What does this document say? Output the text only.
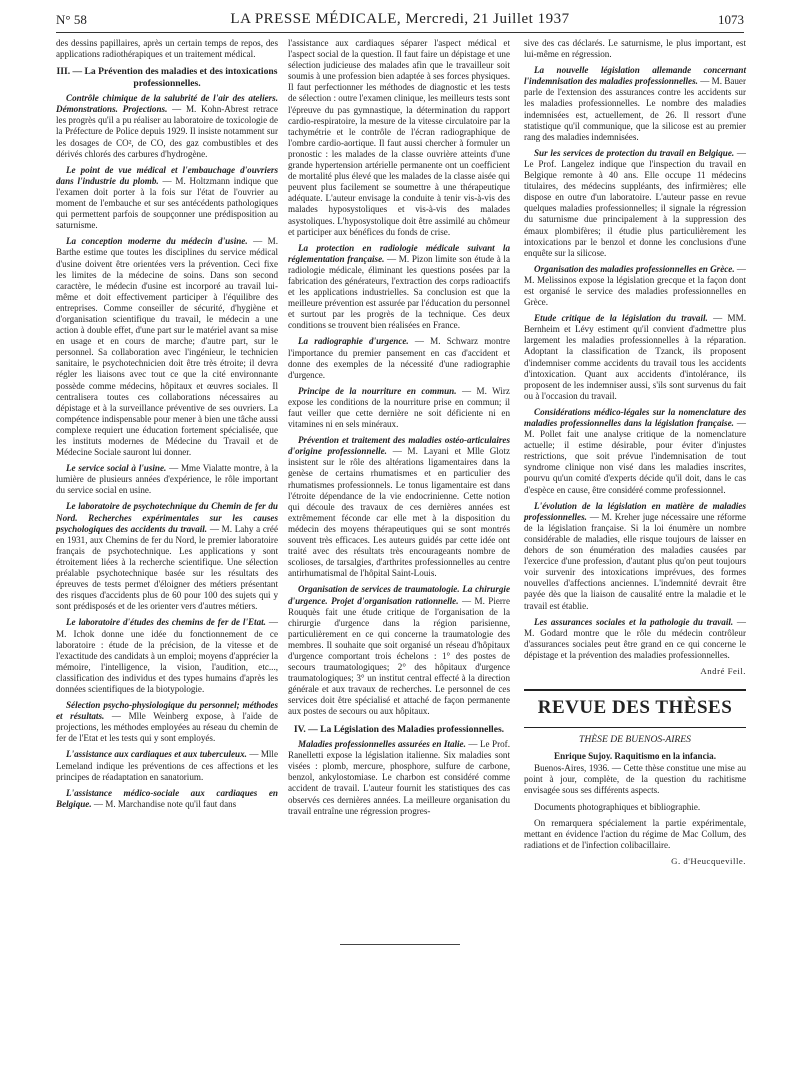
N° 58	LA PRESSE MÉDICALE, Mercredi, 21 Juillet 1937	1073

des dessins papillaires, après un certain temps de repos, des applications radiothérapiques et un traitement médical.

III. — La Prévention des maladies et des intoxications professionnelles.

Contrôle chimique de la salubrité de l'air des ateliers. Démonstrations. Projections. — M. Kohn-Abrest retrace les progrès qu'il a pu réaliser au laboratoire de toxicologie de la Préfecture de Police depuis 1929. Il insiste notamment sur les dosages de CO², de CO, des gaz combustibles et des dérivés chlorés des carbures d'hydrogène.

Le point de vue médical et l'embauchage d'ouvriers dans l'industrie du plomb. — M. Holtzmann indique que l'examen doit porter à la fois sur l'état de l'ouvrier au moment de l'embauche et sur ses antécédents pathologiques qui permettent parfois de soupçonner une prédisposition au saturnisme.

La conception moderne du médecin d'usine. — M. Barthe estime que toutes les disciplines du service médical d'usine doivent être orientées vers la prévention. Ceci fixe les limites de la médecine de soins. Dans son second caractère, le médecin d'usine est incorporé au travail lui-même et doit effectivement participer à l'équilibre des entreprises. Comme conseiller de sécurité, d'hygiène et d'organisation scientifique du travail, le médecin a une action à double effet, d'une part sur le matériel avant sa mise en usage et en cours de marche; d'autre part, sur le personnel. Sa collaboration avec l'ingénieur, le technicien sanitaire, le psychotechnicien doit être très étroite; il devra régler les liaisons avec tout ce que la cité environnante possède comme médecins, hôpitaux et œuvres sociales. Il centralisera toutes ces collaborations nécessaires au dépistage et à la surveillance préventive de ses ouvriers. La compétence indispensable pour mener à bien une tâche aussi complexe requiert une éducation fortement spécialisée, que les instituts modernes de Médecine du Travail et de Médecine Sociale sauront lui donner.

Le service social à l'usine. — Mme Vialatte montre, à la lumière de plusieurs années d'expérience, le rôle important du service social en usine.

Le laboratoire de psychotechnique du Chemin de fer du Nord. Recherches expérimentales sur les causes psychologiques des accidents du travail. — M. Lahy a créé en 1931, aux Chemins de fer du Nord, le premier laboratoire français de psychotechnique. Les applications y sont étroitement liées à la recherche scientifique. Une sélection préalable psychotechnique basée sur les résultats des épreuves de tests permet d'éloigner des métiers présentant des risques d'accidents plus de 60 pour 100 des sujets qui y sont prédisposés et de les orienter vers d'autres métiers.

Le laboratoire d'études des chemins de fer de l'Etat. — M. Ichok donne une idée du fonctionnement de ce laboratoire : étude de la précision, de la vitesse et de l'exactitude des candidats à un emploi; moyens d'apprécier la mémoire, l'intelligence, la vision, l'audition, etc..., classification des individus et des types humains d'après les données scientifiques de la biotypologie.

Sélection psycho-physiologique du personnel; méthodes et résultats. — Mlle Weinberg expose, à l'aide de projections, les méthodes employées au réseau du chemin de fer de l'Etat et les tests qui y sont employés.

L'assistance aux cardiaques et aux tuberculeux. — Mlle Lemeland indique les préventions de ces affections et les principes de réadaptation en sanatorium.

L'assistance médico-sociale aux cardiaques en Belgique. — M. Marchandise note qu'il faut dans

l'assistance aux cardiaques séparer l'aspect médical et l'aspect social de la question. Il faut faire un dépistage et une sélection judicieuse des malades afin que le travailleur soit soumis à une profession bien adaptée à ses forces physiques. Il faut perfectionner les méthodes de diagnostic et les tests de sélection : outre l'examen clinique, les meilleurs tests sont l'épreuve du pas gymnastique, la détermination du rapport cardio-respiratoire, la mesure de la vitesse circulatoire par la tachymétrie et le contrôle de l'écran radiographique de l'ombre cardio-aortique. Il faut aussi chercher à formuler un pronostic : les malades de la classe ouvrière atteints d'une grande hypertension artérielle permanente ont un coefficient de mortalité plus élevé que les malades de la classe aisée qui peuvent plus facilement se soumettre à une thérapeutique adéquate. L'auteur envisage la conduite à tenir vis-à-vis des malades hyposystoliques et vis-à-vis des malades asystoliques. L'hyposystolique doit être assimilé au chômeur et participer aux bénéfices du fonds de crise.

La protection en radiologie médicale suivant la réglementation française. — M. Pizon limite son étude à la radiologie médicale, éliminant les questions posées par la fabrication des générateurs, l'extraction des corps radioactifs et les applications industrielles. Sa conclusion est que la meilleure prévention est assurée par l'éducation du personnel et surtout par les progrès de la technique. Ces deux conditions se trouvent bien réalisées en France.

La radiographie d'urgence. — M. Schwarz montre l'importance du premier pansement en cas d'accident et donne des exemples de la nécessité d'une radiographie d'urgence.

Principe de la nourriture en commun. — M. Wirz expose les conditions de la nourriture prise en commun; il faut veiller que cette dernière ne soit déficiente ni en vitamines ni en sels minéraux.

Prévention et traitement des maladies ostéo-articulaires d'origine professionnelle. — M. Layani et Mlle Glotz insistent sur le rôle des altérations ligamentaires dans la genèse de certains rhumatismes et en particulier des rhumatismes professionnels. Le tonus ligamentaire est dans l'étroite dépendance de la vie endocrinienne. Cette notion qui découle des travaux de ces dernières années est extrêmement féconde car elle met à la disposition du médecin des moyens thérapeutiques qui se sont montrés souvent très efficaces. Les auteurs guidés par cette idée ont traité avec des résultats très encourageants nombre de scolioses, de tarsalgies, d'arthrites professionnelles au centre antirhumatismal de l'hôpital Saint-Louis.

Organisation de services de traumatologie. La chirurgie d'urgence. Projet d'organisation rationnelle. — M. Pierre Rouquès fait une étude critique de l'organisation de la chirurgie d'urgence dans la région parisienne, particulièrement en ce qui concerne la traumatologie des membres. Il souhaite que soit organisé un réseau d'hôpitaux d'urgence comportant trois échelons : 1° des postes de secours traumatologiques; 2° des hôpitaux d'urgence traumatologiques; 3° un institut central effecté à la direction générale et aux travaux de recherches. Le personnel de ces services doit être spécialisé et attaché de façon permanente aux postes de secours ou aux hôpitaux.

IV. — La Législation des Maladies professionnelles.

Maladies professionnelles assurées en Italie. — Le Prof. Ranelletti expose la législation italienne. Six maladies sont visées : plomb, mercure, phosphore, sulfure de carbone, benzol, ankylostomiase. Le charbon est considéré comme accident de travail. L'auteur fournit les statistiques des cas observés ces dernières années. La meilleure organisation du travail entraîne une régression progres-

sive des cas déclarés. Le saturnisme, le plus important, est lui-même en régression.

La nouvelle législation allemande concernant l'indemnisation des maladies professionnelles. — M. Bauer parle de l'extension des assurances contre les accidents sur les maladies professionnelles. Le nombre des maladies indemnisées est, actuellement, de 26. Il ressort d'une statistique qu'il communique, que la silicose est au premier rang des maladies indemnisées.

Sur les services de protection du travail en Belgique. — Le Prof. Langelez indique que l'inspection du travail en Belgique remonte à 40 ans. Elle occupe 11 médecins titulaires, des médecins suppléants, des infirmières; elle dispose en outre d'un laboratoire. L'auteur passe en revue quelques maladies professionnelles; il signale la régression du saturnisme due principalement à la suppression des émaux plombifères; il étudie plus particulièrement les intoxications par le benzol et donne les conclusions d'une enquête sur la silicose.

Organisation des maladies professionnelles en Grèce. — M. Melissinos expose la législation grecque et la façon dont est organisé le service des maladies professionnelles en Grèce.

Etude critique de la législation du travail. — MM. Bernheim et Lévy estiment qu'il convient d'admettre plus largement les maladies professionnelles à la réparation. Adoptant la classification de Tzanck, ils proposent d'indemniser comme accidents du travail tous les accidents d'intoxication. Quant aux accidents d'intolérance, ils proposent de les indemniser aussi, s'ils sont survenus du fait ou à l'occasion du travail.

Considérations médico-légales sur la nomenclature des maladies professionnelles dans la législation française. — M. Pollet fait une analyse critique de la nomenclature actuelle; il estime désirable, pour éviter d'injustes restrictions, que soit prévue l'indemnisation de tout syndrome clinique non visé dans les maladies inscrites, pourvu qu'un comité d'experts décide qu'il doit, dans le cas d'espèce en cause, être considéré comme professionnel.

L'évolution de la législation en matière de maladies professionnelles. — M. Kreher juge nécessaire une réforme de la législation française. Si la loi énumère un nombre considérable de maladies, elle risque toujours de laisser en dehors de son énumération des maladies causées par l'exercice d'une profession, d'autant plus qu'on peut toujours voir survenir des intoxications imprévues, des formes nouvelles d'affections anciennes. L'indemnité devrait être payée dès que la liaison de causalité entre la maladie et le travail est établie.

Les assurances sociales et la pathologie du travail. — M. Godard montre que le rôle du médecin contrôleur d'assurances sociales peut être grand en ce qui concerne le dépistage et la prévention des maladies professionnelles.

André Feil.
REVUE DES THÈSES
THÈSE DE BUENOS-AIRES

Enrique Sujoy. Raquitismo en la infancia.

Buenos-Aires, 1936. — Cette thèse constitue une mise au point à jour, complète, de la question du rachitisme envisagée sous ses différents aspects.

Documents photographiques et bibliographie.

On remarquera spécialement la partie expérimentale, mettant en évidence l'action du régime de Mac Collum, des radiations et de l'infection colibacillaire.

G. d'Heucqueville.
